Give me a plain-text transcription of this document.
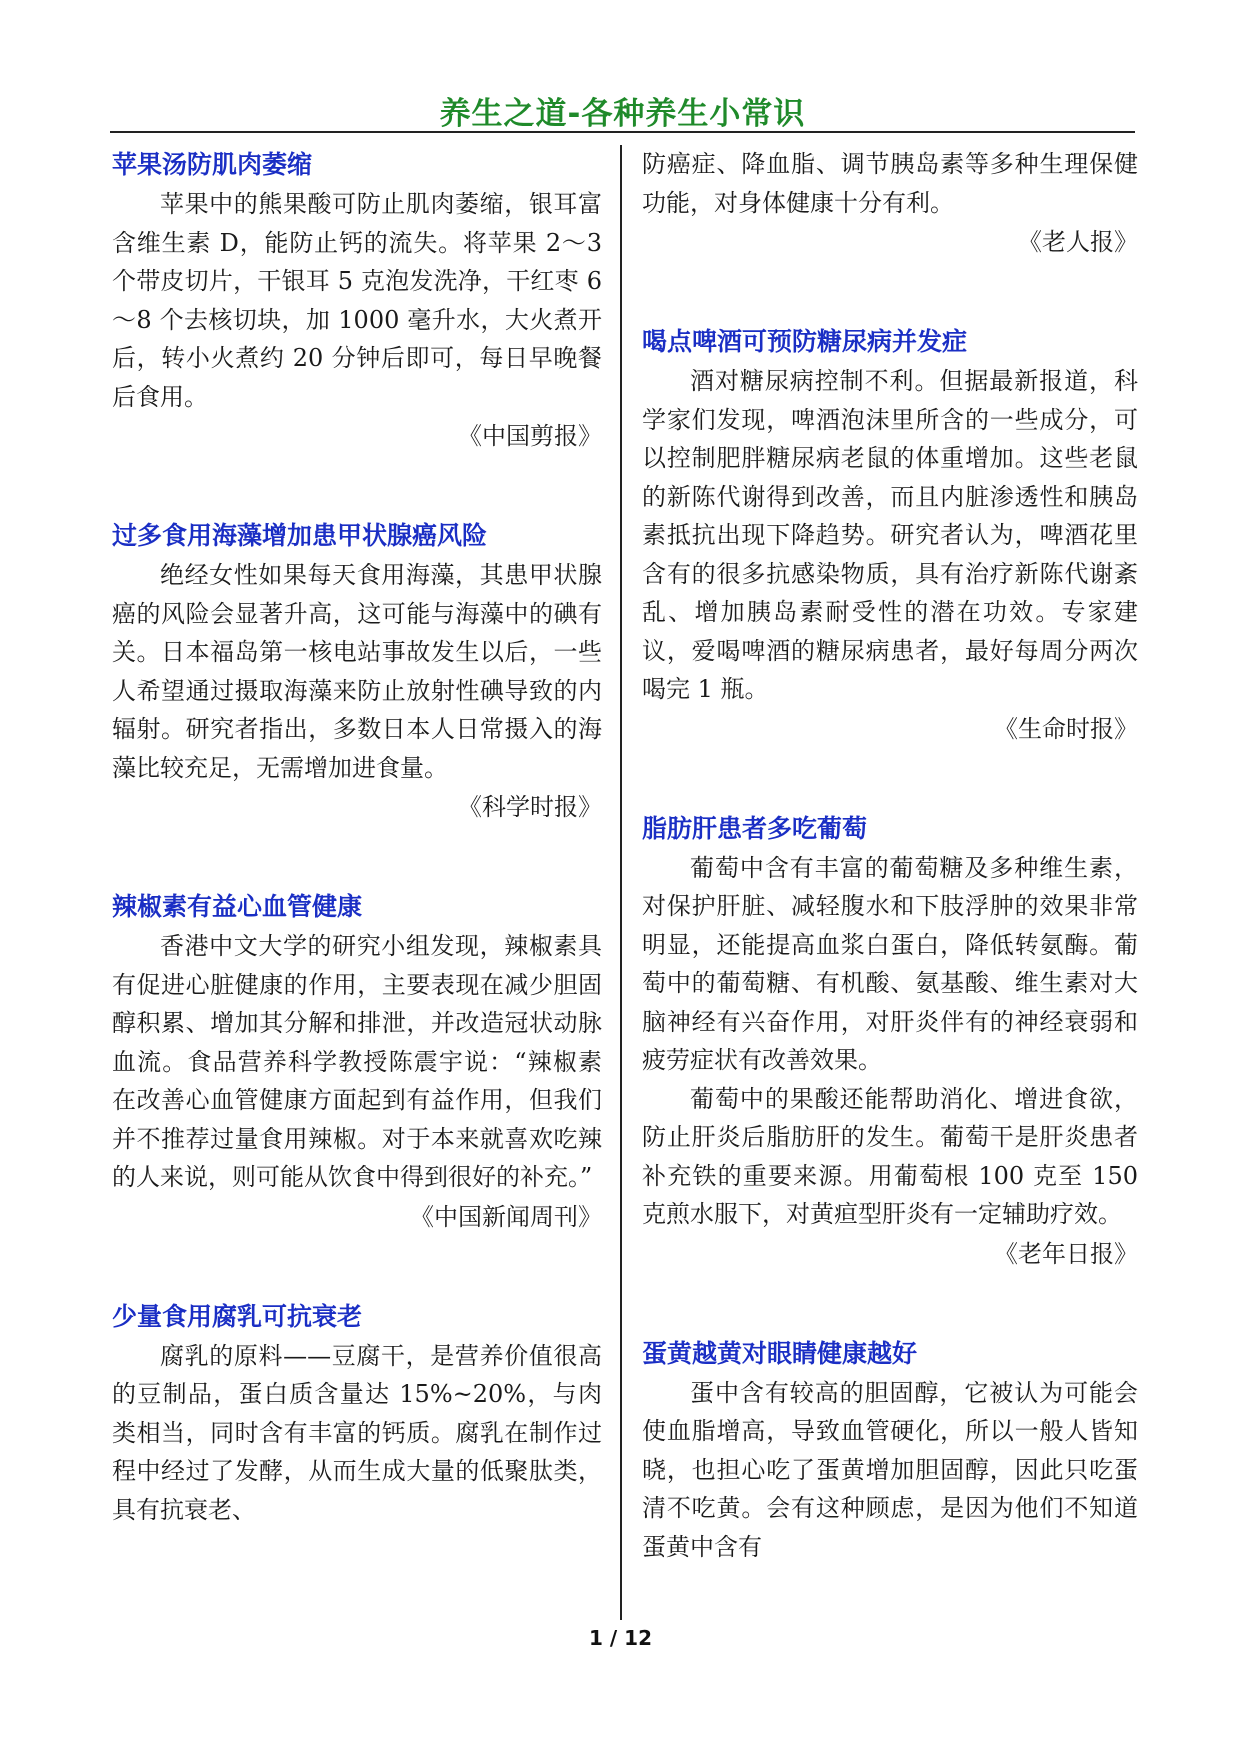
养生之道-各种养生小常识
苹果汤防肌肉萎缩

苹果中的熊果酸可防止肌肉萎缩，银耳富含维生素 D，能防止钙的流失。将苹果 2～3 个带皮切片，干银耳 5 克泡发洗净，干红枣 6～8 个去核切块，加 1000 毫升水，大火煮开后，转小火煮约 20 分钟后即可，每日早晚餐后食用。

《中国剪报》
过多食用海藻增加患甲状腺癌风险

绝经女性如果每天食用海藻，其患甲状腺癌的风险会显著升高，这可能与海藻中的碘有关。日本福岛第一核电站事故发生以后，一些人希望通过摄取海藻来防止放射性碘导致的内辐射。研究者指出，多数日本人日常摄入的海藻比较充足，无需增加进食量。

《科学时报》
辣椒素有益心血管健康

香港中文大学的研究小组发现，辣椒素具有促进心脏健康的作用，主要表现在减少胆固醇积累、增加其分解和排泄，并改造冠状动脉血流。食品营养科学教授陈震宇说：“辣椒素在改善心血管健康方面起到有益作用，但我们并不推荐过量食用辣椒。对于本来就喜欢吃辣的人来说，则可能从饮食中得到很好的补充。”

《中国新闻周刊》
少量食用腐乳可抗衰老

腐乳的原料——豆腐干，是营养价值很高的豆制品，蛋白质含量达 15%~20%，与肉类相当，同时含有丰富的钙质。腐乳在制作过程中经过了发酵，从而生成大量的低聚肽类，具有抗衰老、

防癌症、降血脂、调节胰岛素等多种生理保健功能，对身体健康十分有利。

《老人报》
喝点啤酒可预防糖尿病并发症

酒对糖尿病控制不利。但据最新报道，科学家们发现，啤酒泡沫里所含的一些成分，可以控制肥胖糖尿病老鼠的体重增加。这些老鼠的新陈代谢得到改善，而且内脏渗透性和胰岛素抵抗出现下降趋势。研究者认为，啤酒花里含有的很多抗感染物质，具有治疗新陈代谢紊乱、增加胰岛素耐受性的潜在功效。专家建议，爱喝啤酒的糖尿病患者，最好每周分两次喝完 1 瓶。

《生命时报》
脂肪肝患者多吃葡萄

葡萄中含有丰富的葡萄糖及多种维生素，对保护肝脏、减轻腹水和下肢浮肿的效果非常明显，还能提高血浆白蛋白，降低转氨酶。葡萄中的葡萄糖、有机酸、氨基酸、维生素对大脑神经有兴奋作用，对肝炎伴有的神经衰弱和疲劳症状有改善效果。

葡萄中的果酸还能帮助消化、增进食欲，防止肝炎后脂肪肝的发生。葡萄干是肝炎患者补充铁的重要来源。用葡萄根 100 克至 150 克煎水服下，对黄疸型肝炎有一定辅助疗效。

《老年日报》
蛋黄越黄对眼睛健康越好

蛋中含有较高的胆固醇，它被认为可能会使血脂增高，导致血管硬化，所以一般人皆知晓，也担心吃了蛋黄增加胆固醇，因此只吃蛋清不吃黄。会有这种顾虑，是因为他们不知道蛋黄中含有

1 / 12
